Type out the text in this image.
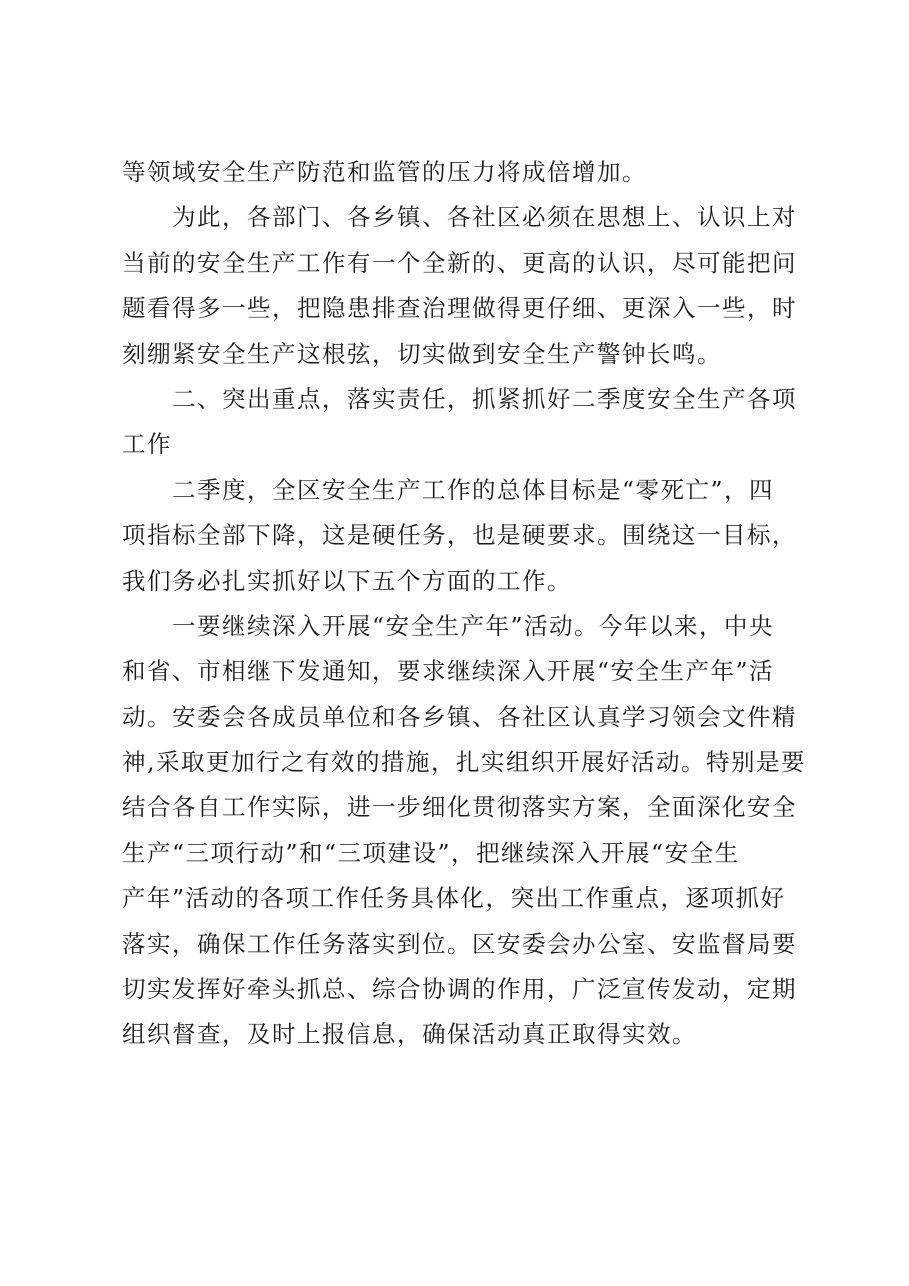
等领域安全生产防范和监管的压力将成倍增加。
　　为此，各部门、各乡镇、各社区必须在思想上、认识上对
当前的安全生产工作有一个全新的、更高的认识，尽可能把问
题看得多一些，把隐患排查治理做得更仔细、更深入一些，时
刻绷紧安全生产这根弦，切实做到安全生产警钟长鸣。
　　二、突出重点，落实责任，抓紧抓好二季度安全生产各项
工作
　　二季度，全区安全生产工作的总体目标是“零死亡”，四
项指标全部下降，这是硬任务，也是硬要求。围绕这一目标，
我们务必扎实抓好以下五个方面的工作。
　　一要继续深入开展“安全生产年”活动。今年以来，中央
和省、市相继下发通知，要求继续深入开展“安全生产年”活
动。安委会各成员单位和各乡镇、各社区认真学习领会文件精
神,采取更加行之有效的措施，扎实组织开展好活动。特别是要
结合各自工作实际，进一步细化贯彻落实方案，全面深化安全
生产“三项行动”和“三项建设”，把继续深入开展“安全生
产年”活动的各项工作任务具体化，突出工作重点，逐项抓好
落实，确保工作任务落实到位。区安委会办公室、安监督局要
切实发挥好牵头抓总、综合协调的作用，广泛宣传发动，定期
组织督查，及时上报信息，确保活动真正取得实效。
